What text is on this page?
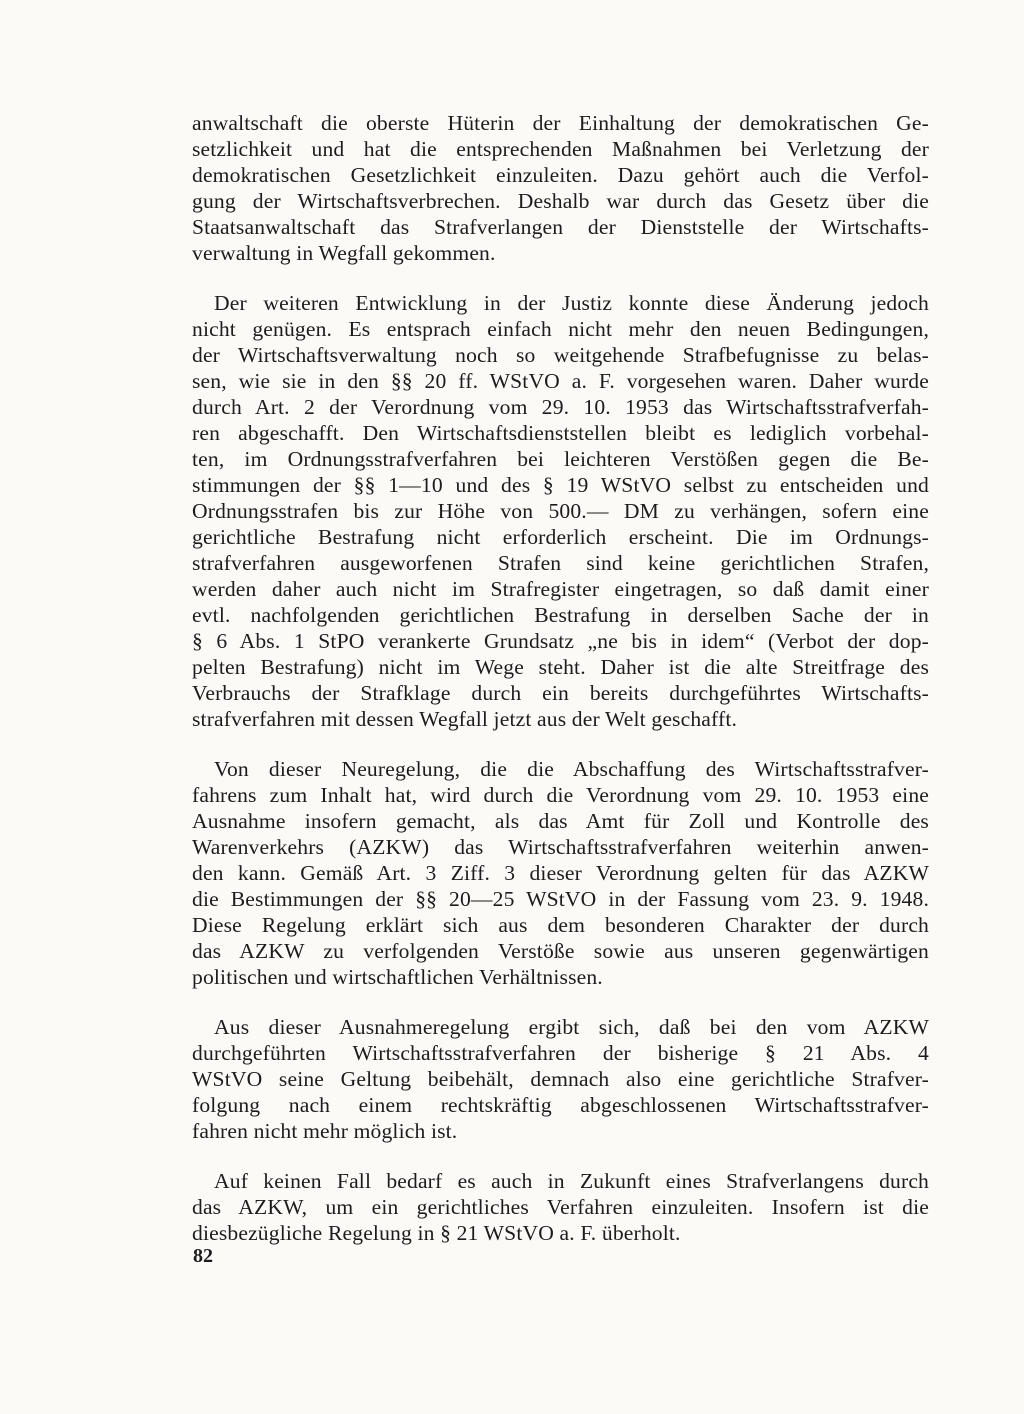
anwaltschaft die oberste Hüterin der Einhaltung der demokratischen Ge-
setzlichkeit und hat die entsprechenden Maßnahmen bei Verletzung der
demokratischen Gesetzlichkeit einzuleiten. Dazu gehört auch die Verfol-
gung der Wirtschaftsverbrechen. Deshalb war durch das Gesetz über die
Staatsanwaltschaft das Strafverlangen der Dienststelle der Wirtschafts-
verwaltung in Wegfall gekommen.

Der weiteren Entwicklung in der Justiz konnte diese Änderung jedoch
nicht genügen. Es entsprach einfach nicht mehr den neuen Bedingungen,
der Wirtschaftsverwaltung noch so weitgehende Strafbefugnisse zu belas-
sen, wie sie in den §§ 20 ff. WStVO a. F. vorgesehen waren. Daher wurde
durch Art. 2 der Verordnung vom 29. 10. 1953 das Wirtschaftsstrafverfah-
ren abgeschafft. Den Wirtschaftsdienststellen bleibt es lediglich vorbehal-
ten, im Ordnungsstrafverfahren bei leichteren Verstößen gegen die Be-
stimmungen der §§ 1—10 und des § 19 WStVO selbst zu entscheiden und
Ordnungsstrafen bis zur Höhe von 500.— DM zu verhängen, sofern eine
gerichtliche Bestrafung nicht erforderlich erscheint. Die im Ordnungs-
strafverfahren ausgeworfenen Strafen sind keine gerichtlichen Strafen,
werden daher auch nicht im Strafregister eingetragen, so daß damit einer
evtl. nachfolgenden gerichtlichen Bestrafung in derselben Sache der in
§ 6 Abs. 1 StPO verankerte Grundsatz „ne bis in idem“ (Verbot der dop-
pelten Bestrafung) nicht im Wege steht. Daher ist die alte Streitfrage des
Verbrauchs der Strafklage durch ein bereits durchgeführtes Wirtschafts-
strafverfahren mit dessen Wegfall jetzt aus der Welt geschafft.

Von dieser Neuregelung, die die Abschaffung des Wirtschaftsstrafver-
fahrens zum Inhalt hat, wird durch die Verordnung vom 29. 10. 1953 eine
Ausnahme insofern gemacht, als das Amt für Zoll und Kontrolle des
Warenverkehrs (AZKW) das Wirtschaftsstrafverfahren weiterhin anwen-
den kann. Gemäß Art. 3 Ziff. 3 dieser Verordnung gelten für das AZKW
die Bestimmungen der §§ 20—25 WStVO in der Fassung vom 23. 9. 1948.
Diese Regelung erklärt sich aus dem besonderen Charakter der durch
das AZKW zu verfolgenden Verstöße sowie aus unseren gegenwärtigen
politischen und wirtschaftlichen Verhältnissen.

Aus dieser Ausnahmeregelung ergibt sich, daß bei den vom AZKW
durchgeführten Wirtschaftsstrafverfahren der bisherige § 21 Abs. 4
WStVO seine Geltung beibehält, demnach also eine gerichtliche Strafver-
folgung nach einem rechtskräftig abgeschlossenen Wirtschaftsstrafver-
fahren nicht mehr möglich ist.

Auf keinen Fall bedarf es auch in Zukunft eines Strafverlangens durch
das AZKW, um ein gerichtliches Verfahren einzuleiten. Insofern ist die
diesbezügliche Regelung in § 21 WStVO a. F. überholt.

82
